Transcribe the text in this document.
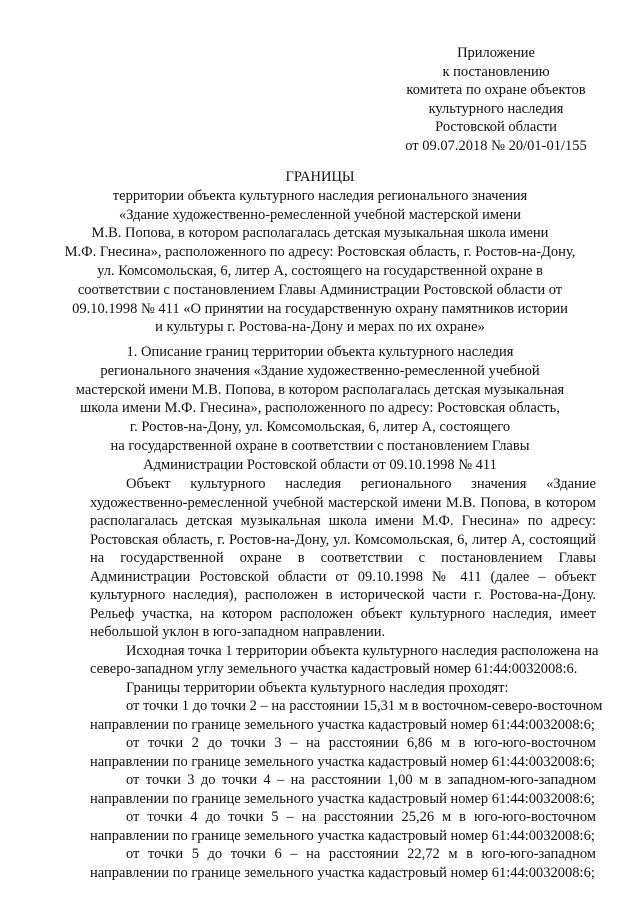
Приложение
к постановлению
комитета по охране объектов
культурного наследия
Ростовской области
от 09.07.2018 № 20/01-01/155
ГРАНИЦЫ
территории объекта культурного наследия регионального значения
«Здание художественно-ремесленной учебной мастерской имени
М.В. Попова, в котором располагалась детская музыкальная школа имени
М.Ф. Гнесина», расположенного по адресу: Ростовская область, г. Ростов-на-Дону,
ул. Комсомольская, 6, литер А, состоящего на государственной охране в
соответствии с постановлением Главы Администрации Ростовской области от
09.10.1998 № 411 «О принятии на государственную охрану памятников истории
и культуры г. Ростова-на-Дону и мерах по их охране»
1. Описание границ территории объекта культурного наследия
регионального значения «Здание художественно-ремесленной учебной
мастерской имени М.В. Попова, в котором располагалась детская музыкальная
школа имени М.Ф. Гнесина», расположенного по адресу: Ростовская область,
г. Ростов-на-Дону, ул. Комсомольская, 6, литер А, состоящего
на государственной охране в соответствии с постановлением Главы
Администрации Ростовской области от 09.10.1998 № 411
Объект культурного наследия регионального значения «Здание
художественно-ремесленной учебной мастерской имени М.В. Попова, в котором
располагалась детская музыкальная школа имени М.Ф. Гнесина» по адресу:
Ростовская область, г. Ростов-на-Дону, ул. Комсомольская, 6, литер А, состоящий
на государственной охране в соответствии с постановлением Главы
Администрации Ростовской области от 09.10.1998 № 411 (далее – объект
культурного наследия), расположен в исторической части г. Ростова-на-Дону.
Рельеф участка, на котором расположен объект культурного наследия, имеет
небольшой уклон в юго-западном направлении.
Исходная точка 1 территории объекта культурного наследия расположена на
северо-западном углу земельного участка кадастровый номер 61:44:0032008:6.
Границы территории объекта культурного наследия проходят:
от точки 1 до точки 2 – на расстоянии 15,31 м в восточном-северо-восточном
направлении по границе земельного участка кадастровый номер 61:44:0032008:6;
от точки 2 до точки 3 – на расстоянии 6,86 м в юго-юго-восточном
направлении по границе земельного участка кадастровый номер 61:44:0032008:6;
от точки 3 до точки 4 – на расстоянии 1,00 м в западном-юго-западном
направлении по границе земельного участка кадастровый номер 61:44:0032008:6;
от точки 4 до точки 5 – на расстоянии 25,26 м в юго-юго-восточном
направлении по границе земельного участка кадастровый номер 61:44:0032008:6;
от точки 5 до точки 6 – на расстоянии 22,72 м в юго-юго-западном
направлении по границе земельного участка кадастровый номер 61:44:0032008:6;
